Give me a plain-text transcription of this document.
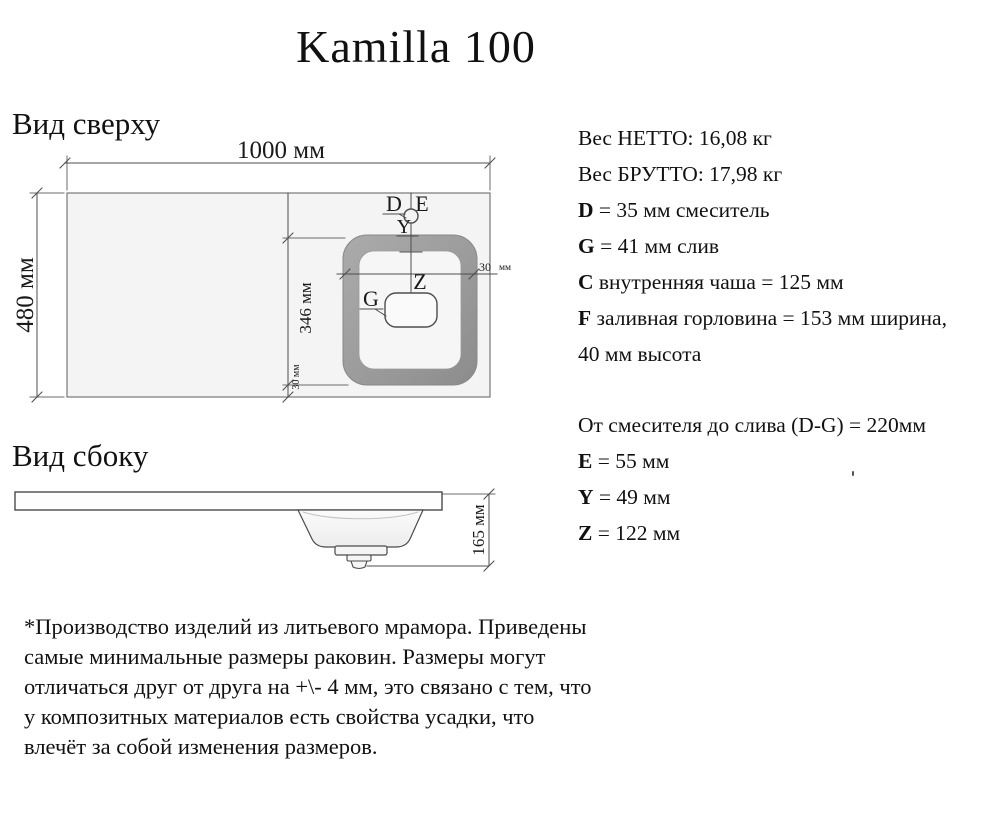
Kamilla 100
Вид сверху
Вид сбоку
1000 мм
480 мм	346 мм
30 мм
30 мм
D E
Y
Z
G
165 мм
Вес НЕТТО: 16,08 кг
Вес БРУТТО: 17,98 кг
D = 35 мм смеситель
G = 41 мм слив
C внутренняя чаша = 125 мм
F заливная горловина = 153 мм ширина,
40 мм высота
От смесителя до слива (D-G) = 220мм
E = 55 мм
Y = 49 мм
Z = 122 мм
*Производство изделий из литьевого мрамора. Приведены
самые минимальные размеры раковин. Размеры могут
отличаться друг от друга на +\- 4 мм, это связано с тем, что
у композитных материалов есть свойства усадки, что
влечёт за собой изменения размеров.
